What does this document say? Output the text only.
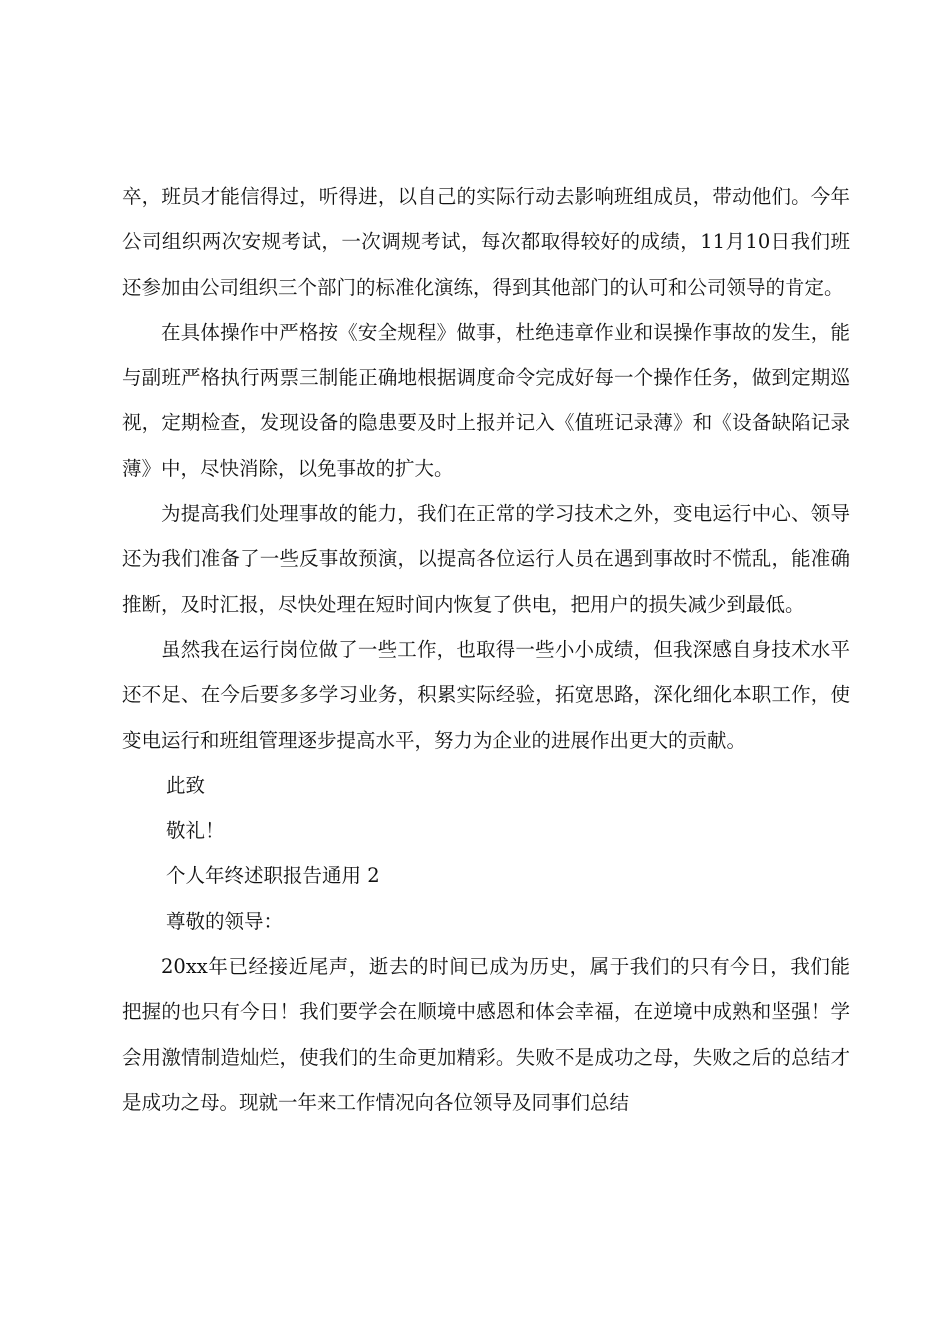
卒，班员才能信得过，听得进，以自己的实际行动去影响班组成员，带动他们。今年公司组织两次安规考试，一次调规考试，每次都取得较好的成绩，11月10日我们班还参加由公司组织三个部门的标准化演练，得到其他部门的认可和公司领导的肯定。

在具体操作中严格按《安全规程》做事，杜绝违章作业和误操作事故的发生，能与副班严格执行两票三制能正确地根据调度命令完成好每一个操作任务，做到定期巡视，定期检查，发现设备的隐患要及时上报并记入《值班记录薄》和《设备缺陷记录薄》中，尽快消除，以免事故的扩大。

为提高我们处理事故的能力，我们在正常的学习技术之外，变电运行中心、领导还为我们准备了一些反事故预演，以提高各位运行人员在遇到事故时不慌乱，能准确推断，及时汇报，尽快处理在短时间内恢复了供电，把用户的损失减少到最低。

虽然我在运行岗位做了一些工作，也取得一些小小成绩，但我深感自身技术水平还不足、在今后要多多学习业务，积累实际经验，拓宽思路，深化细化本职工作，使变电运行和班组管理逐步提高水平，努力为企业的进展作出更大的贡献。

此致

敬礼！

个人年终述职报告通用 2

尊敬的领导：

20xx年已经接近尾声，逝去的时间已成为历史，属于我们的只有今日，我们能把握的也只有今日！我们要学会在顺境中感恩和体会幸福，在逆境中成熟和坚强！学会用激情制造灿烂，使我们的生命更加精彩。失败不是成功之母，失败之后的总结才是成功之母。现就一年来工作情况向各位领导及同事们总结
